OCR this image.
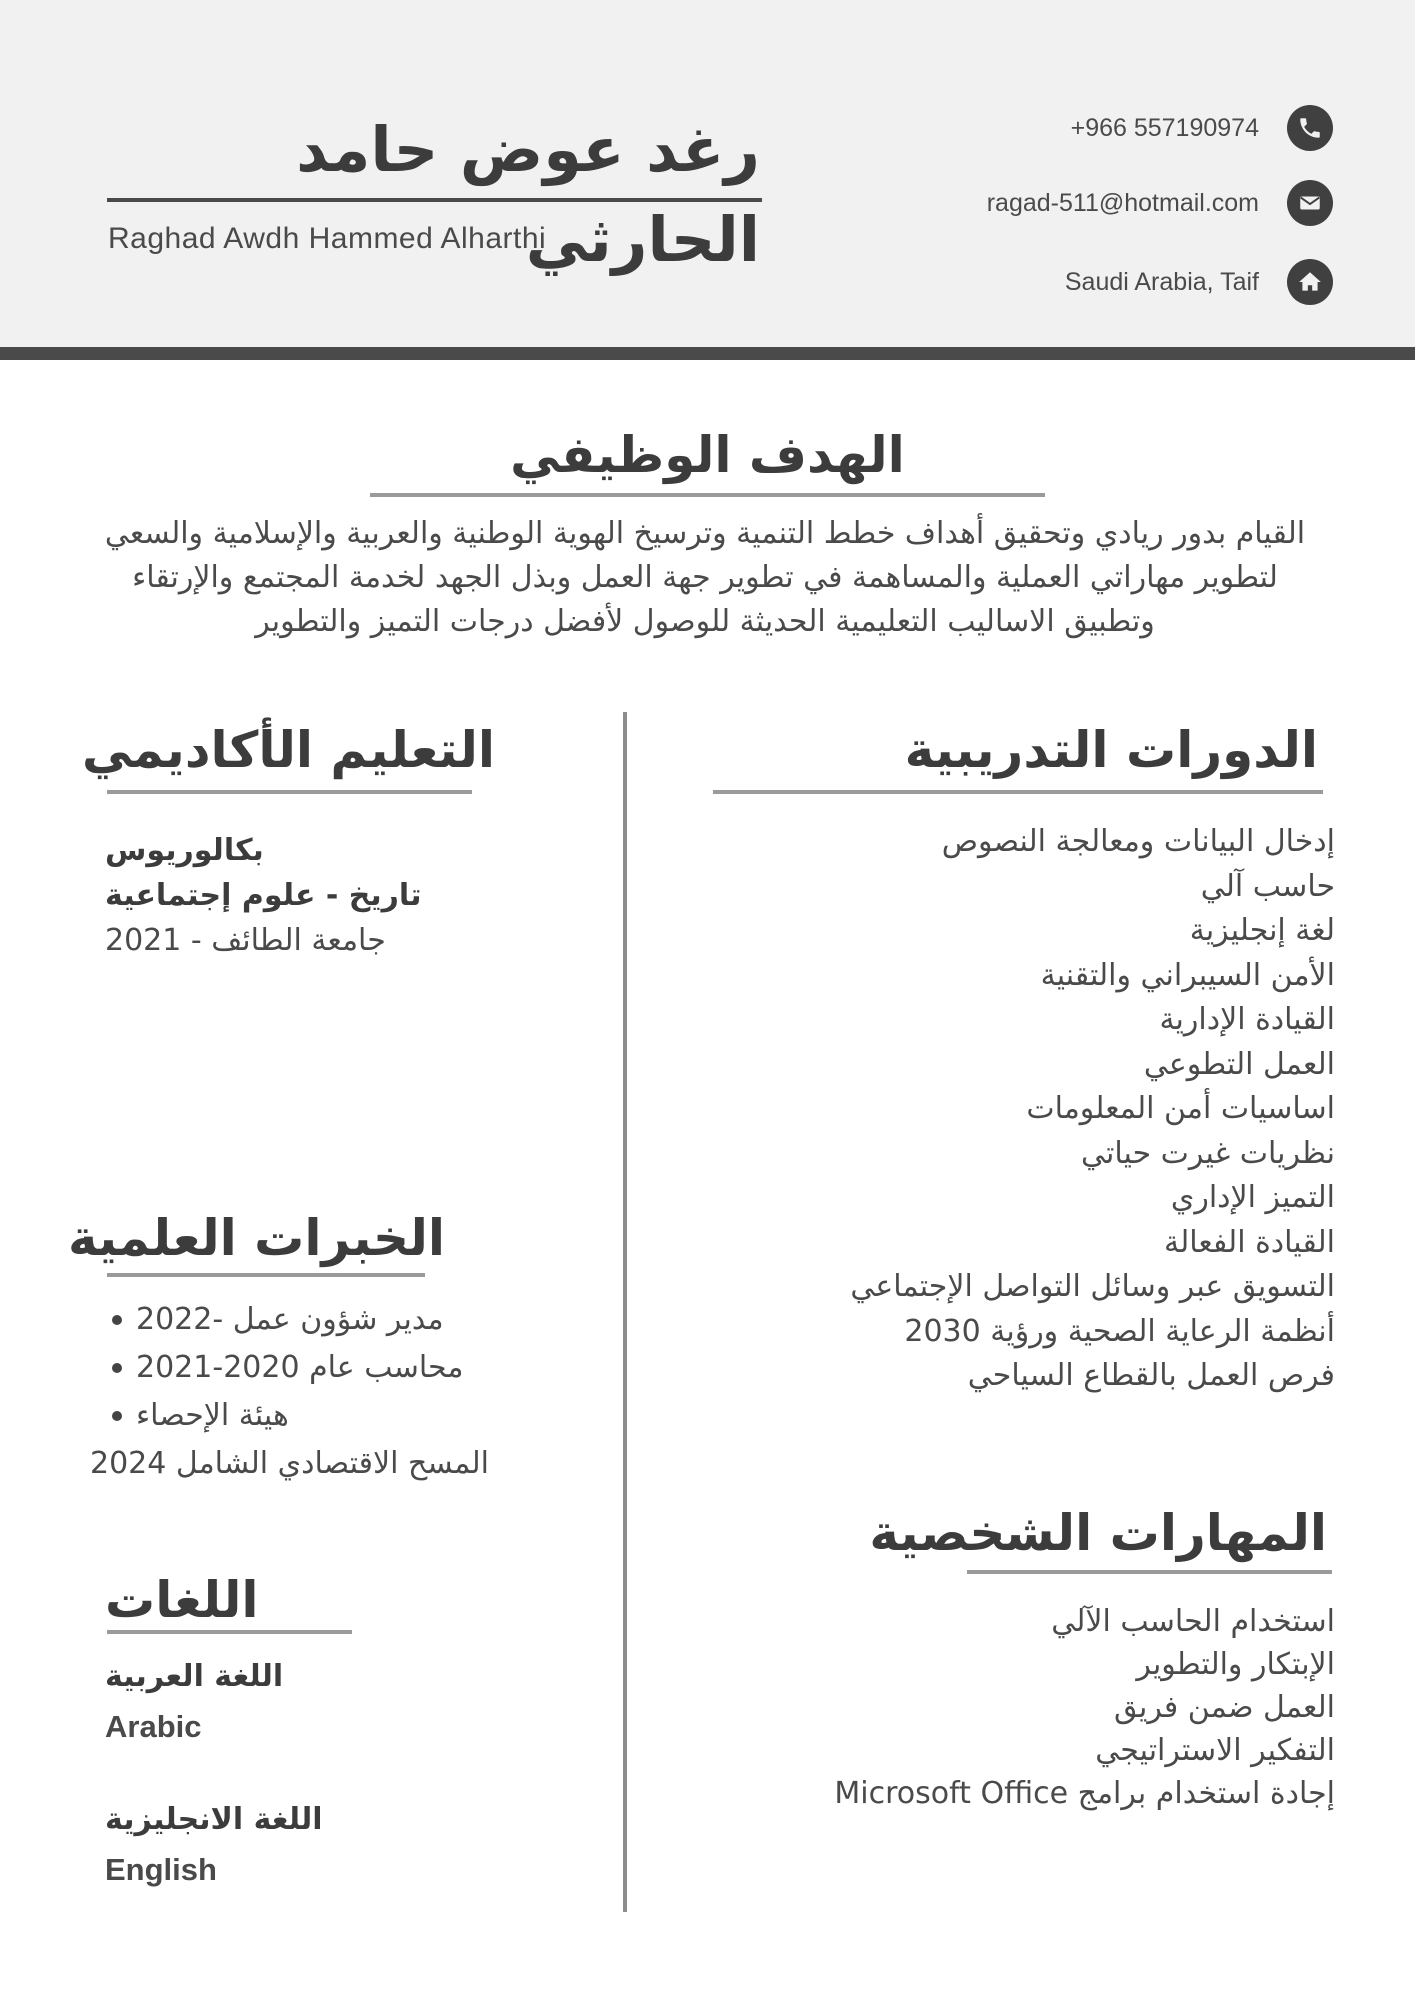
رغد عوض حامد الحارثي
Raghad Awdh Hammed Alharthi
+966 557190974
ragad-511@hotmail.com
Saudi Arabia, Taif
الهدف الوظيفي
القيام بدور ريادي وتحقيق أهداف خطط التنمية وترسيخ الهوية الوطنية والعربية والإسلامية والسعي لتطوير مهاراتي العملية والمساهمة في تطوير جهة العمل وبذل الجهد لخدمة المجتمع والإرتقاء وتطبيق الاساليب التعليمية الحديثة للوصول لأفضل درجات التميز والتطوير
الدورات التدريبية
إدخال البيانات ومعالجة النصوص
حاسب آلي
لغة إنجليزية
الأمن السيبراني والتقنية
القيادة الإدارية
العمل التطوعي
اساسيات أمن المعلومات
نظريات غيرت حياتي
التميز الإداري
القيادة الفعالة
التسويق عبر وسائل التواصل الإجتماعي
أنظمة الرعاية الصحية ورؤية 2030
فرص العمل بالقطاع السياحي
المهارات الشخصية
استخدام الحاسب الآلي
الإبتكار والتطوير
العمل ضمن فريق
التفكير الاستراتيجي
إجادة استخدام برامج Microsoft Office
التعليم الأكاديمي
بكالوريوس
تاريخ - علوم إجتماعية
جامعة الطائف - 2021
الخبرات العلمية
مدير شؤون عمل -2022
محاسب عام 2020-2021
هيئة الإحصاء
المسح الاقتصادي الشامل 2024
اللغات
اللغة العربية
Arabic
اللغة الانجليزية
English
